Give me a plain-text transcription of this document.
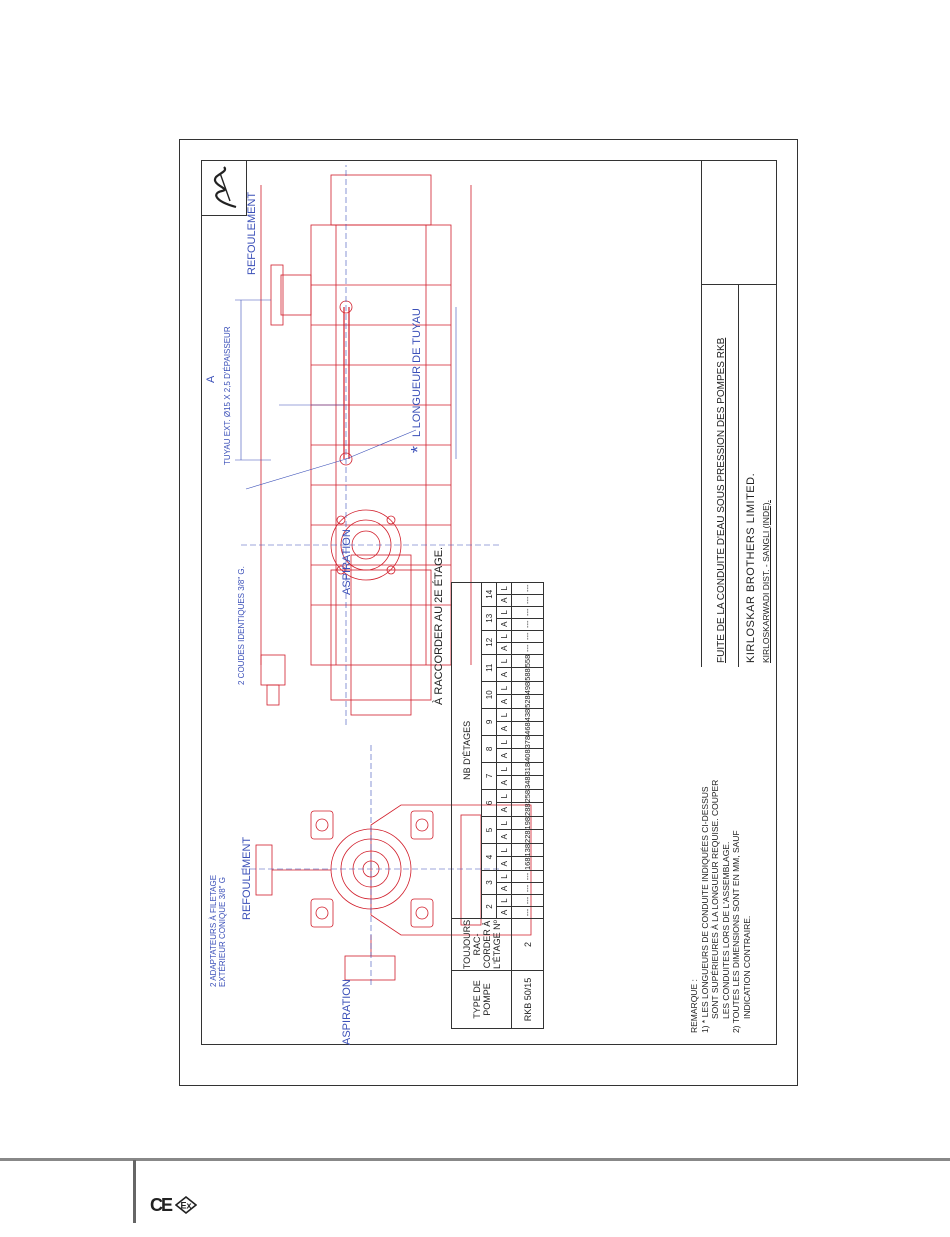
2 ADAPTATEURS À FILETAGE EXTÉRIEUR CONIQUE 3/8" G REFOULEMENT
ASPIRATION
2 COUDES IDENTIQUES 3/8" G.
TUYAU EXT. Ø15 X 2,5 D'ÉPAISSEUR
A
REFOULEMENT
ASPIRATION
*
L LONGUEUR DE TUYAU
À RACCORDER AU 2E ÉTAGE.
TYPE DE POMPE	TOUJOURS RAC- CORDER À L'ÉTAGE Nº	NB D'ÉTAGES																									
		2		3		4		5		6		7		8		9		10		11		12		13		14	
		A	L	A	L	A	L	A	L	A	L	A	L	A	L	A	L	A	L	A	L	A	L	A	L	A	L
RKB 50/15	2	---	---	---	---	168	138	228	198	288	258	348	318	408	378	468	438	528	498	588	558	---	---	---	---	---	---
REMARQUE : 1) * LES LONGUEURS DE CONDUITE INDIQUÉES CI-DESSUS SONT SUPÉRIEURES À LA LONGUEUR REQUISE. COUPER LES CONDUITES LORS DE L'ASSEMBLAGE. 2) TOUTES LES DIMENSIONS SONT EN MM, SAUF INDICATION CONTRAIRE.
FUITE DE LA CONDUITE D'EAU SOUS PRESSION DES POMPES RKB KIRLOSKAR BROTHERS LIMITED. KIRLOSKARWADI DIST. - SANGLI (INDE).
CE Ex
